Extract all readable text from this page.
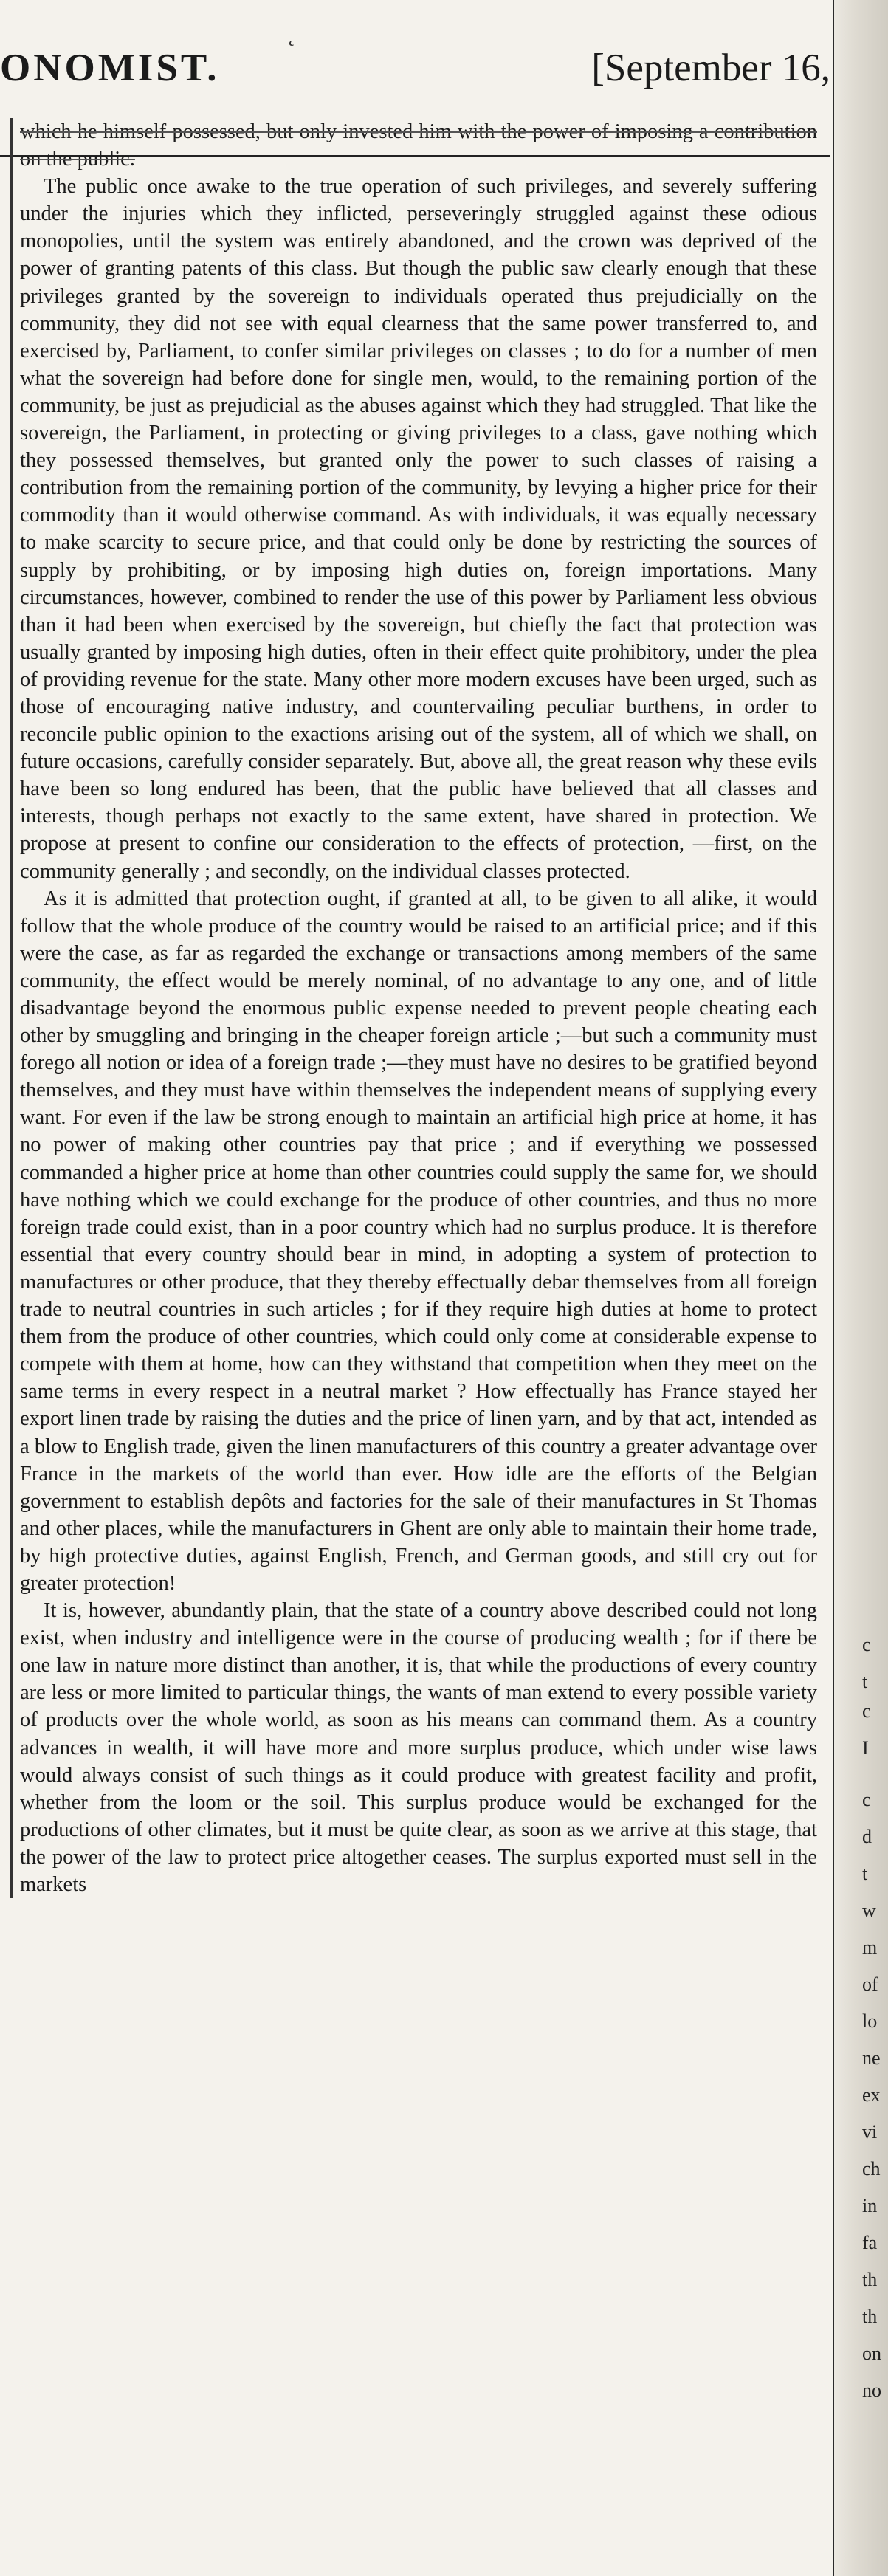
ONOMIST.	[September 16,
˛

which he himself possessed, but only invested him with the power of imposing a contribution on the public.

The public once awake to the true operation of such privileges, and severely suffering under the injuries which they inflicted, perseveringly struggled against these odious monopolies, until the system was entirely abandoned, and the crown was deprived of the power of granting patents of this class. But though the public saw clearly enough that these privileges granted by the sovereign to individuals operated thus prejudicially on the community, they did not see with equal clearness that the same power transferred to, and exercised by, Parliament, to confer similar privileges on classes ; to do for a number of men what the sovereign had before done for single men, would, to the remaining portion of the community, be just as prejudicial as the abuses against which they had struggled. That like the sovereign, the Parliament, in protecting or giving privileges to a class, gave nothing which they possessed themselves, but granted only the power to such classes of raising a contribution from the remaining portion of the community, by levying a higher price for their commodity than it would otherwise command. As with individuals, it was equally necessary to make scarcity to secure price, and that could only be done by restricting the sources of supply by prohibiting, or by imposing high duties on, foreign importations. Many circumstances, however, combined to render the use of this power by Parliament less obvious than it had been when exercised by the sovereign, but chiefly the fact that protection was usually granted by imposing high duties, often in their effect quite prohibitory, under the plea of providing revenue for the state. Many other more modern excuses have been urged, such as those of encouraging native industry, and countervailing peculiar burthens, in order to reconcile public opinion to the exactions arising out of the system, all of which we shall, on future occasions, carefully consider separately. But, above all, the great reason why these evils have been so long endured has been, that the public have believed that all classes and interests, though perhaps not exactly to the same extent, have shared in protection. We propose at present to confine our consideration to the effects of protection, —first, on the community generally ; and secondly, on the individual classes protected.

As it is admitted that protection ought, if granted at all, to be given to all alike, it would follow that the whole produce of the country would be raised to an artificial price; and if this were the case, as far as regarded the exchange or transactions among members of the same community, the effect would be merely nominal, of no advantage to any one, and of little disadvantage beyond the enormous public expense needed to prevent people cheating each other by smuggling and bringing in the cheaper foreign article ;—but such a community must forego all notion or idea of a foreign trade ;—they must have no desires to be gratified beyond themselves, and they must have within themselves the independent means of supplying every want. For even if the law be strong enough to maintain an artificial high price at home, it has no power of making other countries pay that price ; and if everything we possessed commanded a higher price at home than other countries could supply the same for, we should have nothing which we could exchange for the produce of other countries, and thus no more foreign trade could exist, than in a poor country which had no surplus produce. It is therefore essential that every country should bear in mind, in adopting a system of protection to manufactures or other produce, that they thereby effectually debar themselves from all foreign trade to neutral countries in such articles ; for if they require high duties at home to protect them from the produce of other countries, which could only come at considerable expense to compete with them at home, how can they withstand that competition when they meet on the same terms in every respect in a neutral market ? How effectually has France stayed her export linen trade by raising the duties and the price of linen yarn, and by that act, intended as a blow to English trade, given the linen manufacturers of this country a greater advantage over France in the markets of the world than ever. How idle are the efforts of the Belgian government to establish depôts and factories for the sale of their manufactures in St Thomas and other places, while the manufacturers in Ghent are only able to maintain their home trade, by high protective duties, against English, French, and German goods, and still cry out for greater protection!

It is, however, abundantly plain, that the state of a country above described could not long exist, when industry and intelligence were in the course of producing wealth ; for if there be one law in nature more distinct than another, it is, that while the productions of every country are less or more limited to particular things, the wants of man extend to every possible variety of products over the whole world, as soon as his means can command them. As a country advances in wealth, it will have more and more surplus produce, which under wise laws would always consist of such things as it could produce with greatest facility and profit, whether from the loom or the soil. This surplus produce would be exchanged for the productions of other climates, but it must be quite clear, as soon as we arrive at this stage, that the power of the law to protect price altogether ceases. The surplus exported must sell in the markets

c
t
c
I
c
d
t
w
m
of
lo
ne
ex
vi
ch
in
fa
th
th
on
no
